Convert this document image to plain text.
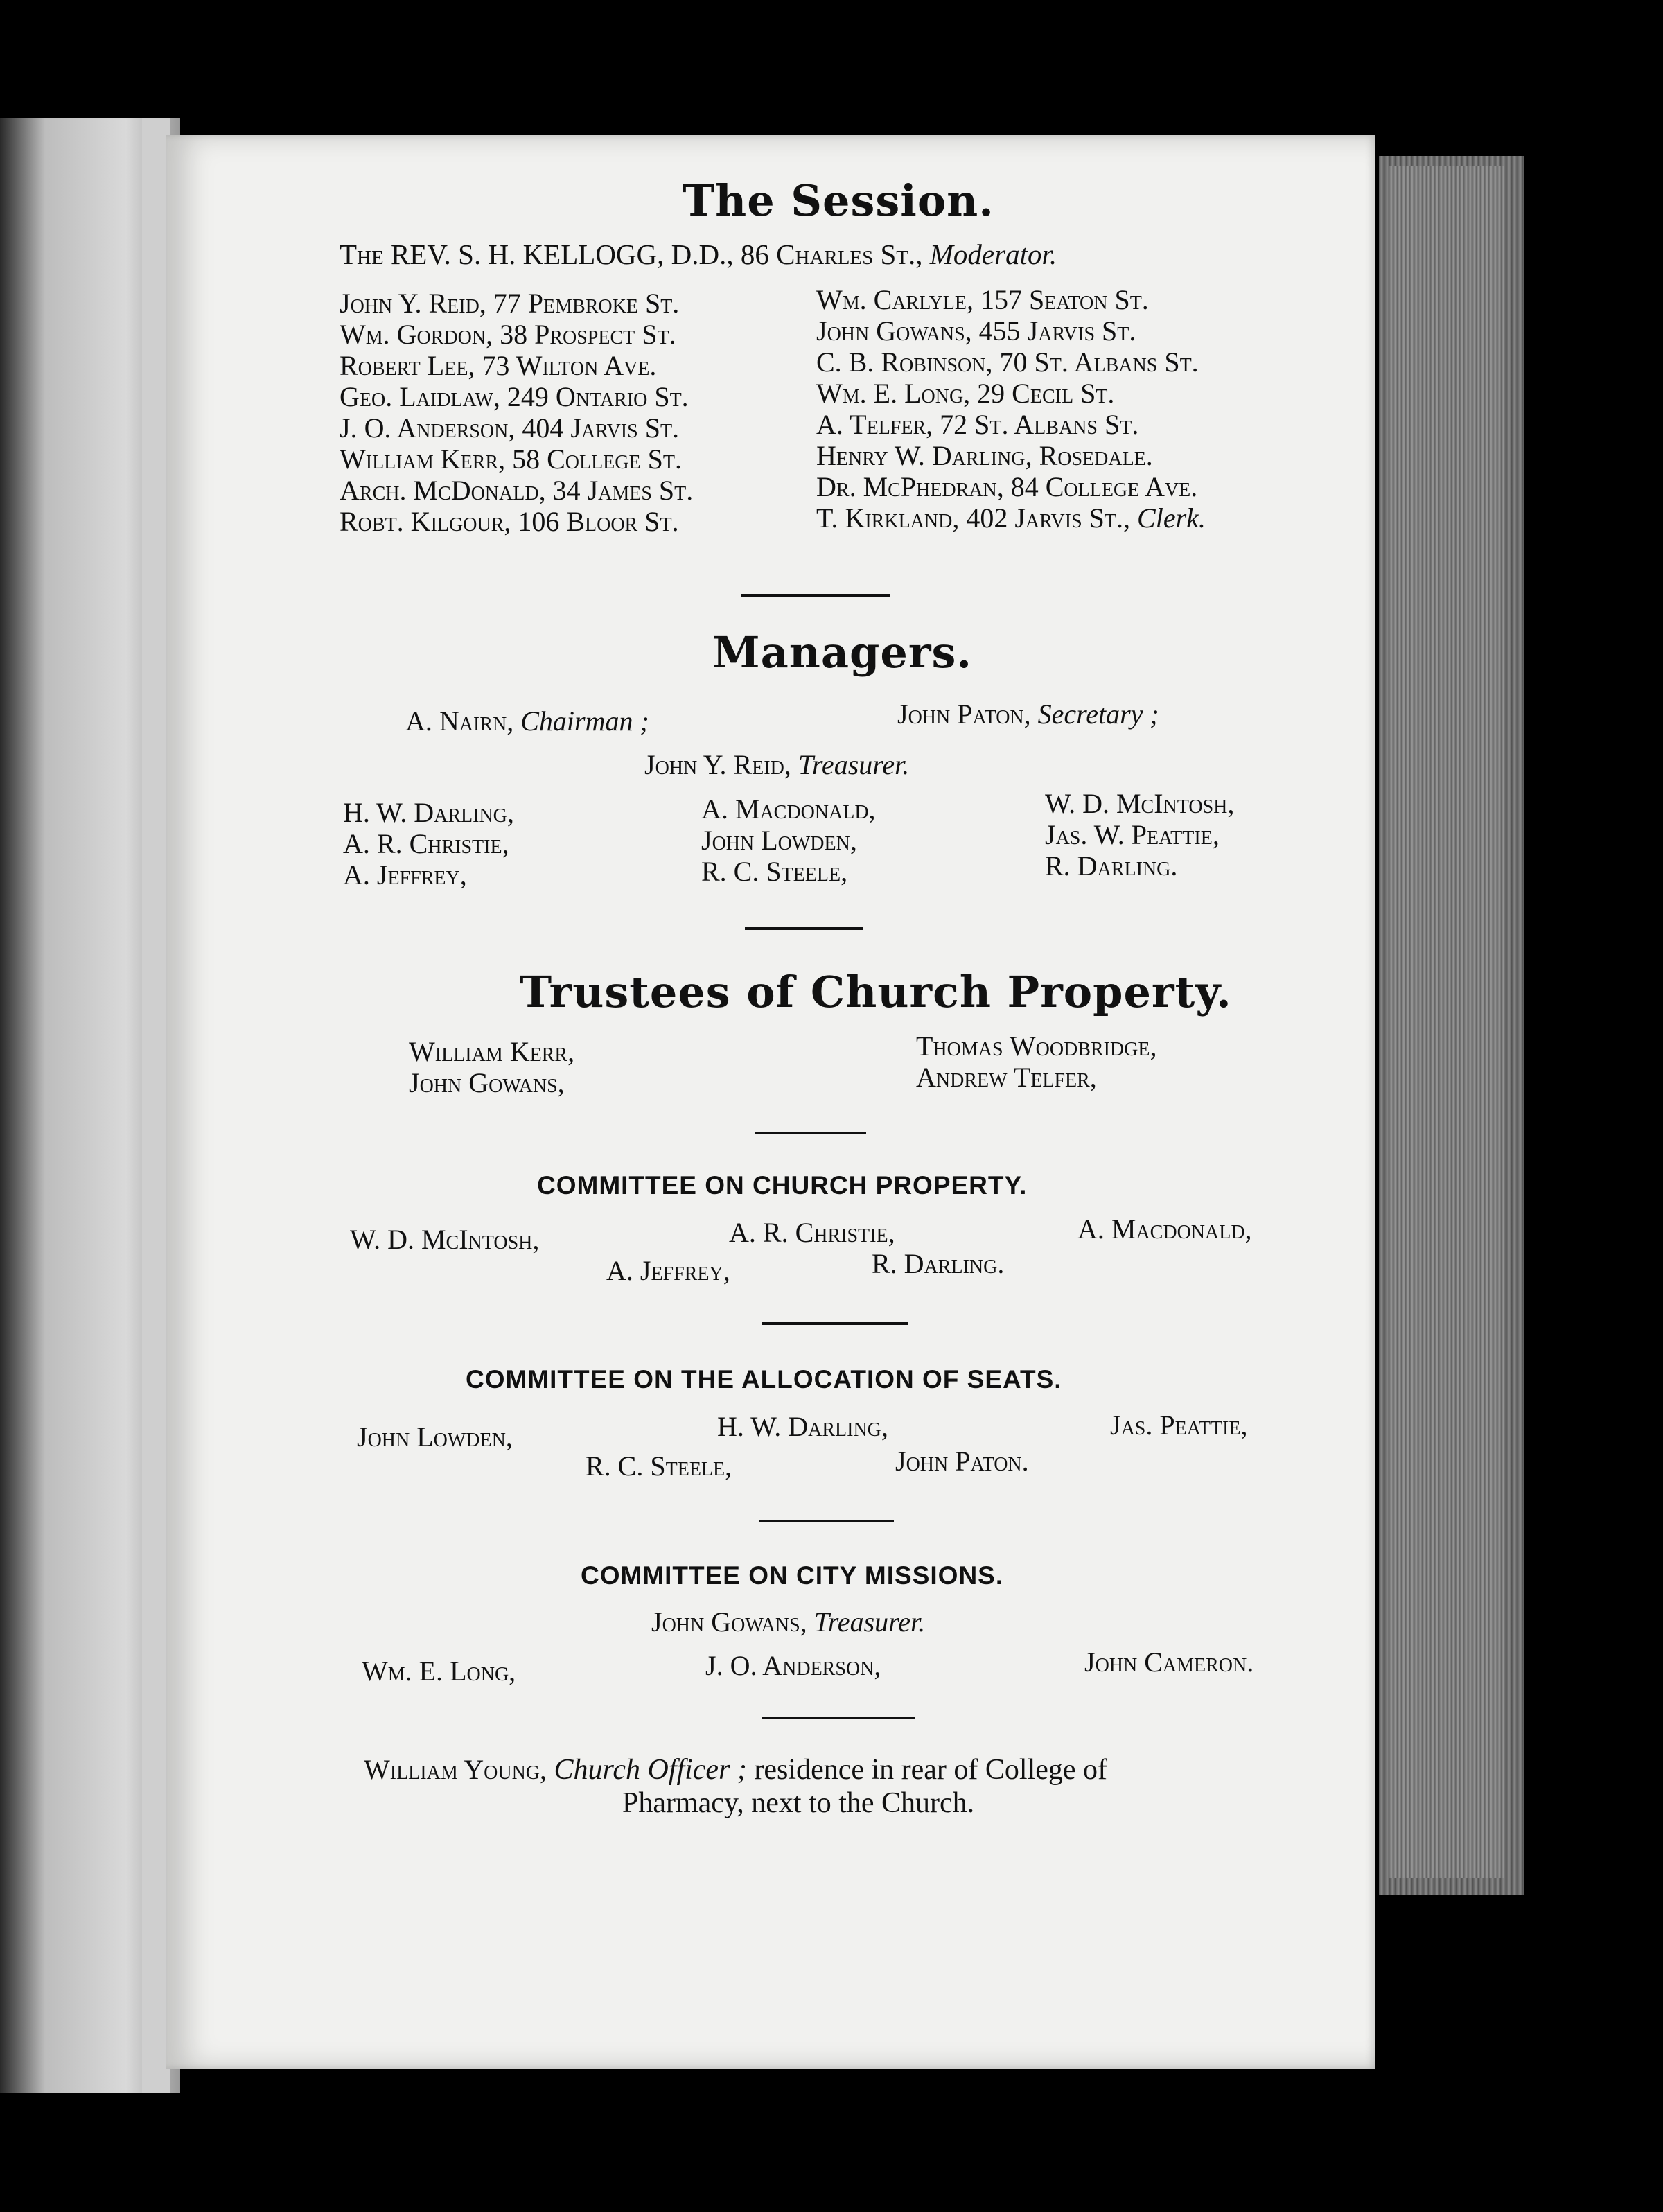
The Session.
The REV. S. H. KELLOGG, D.D., 86 Charles St., Moderator.
John Y. Reid, 77 Pembroke St.
Wm. Gordon, 38 Prospect St.
Robert Lee, 73 Wilton Ave.
Geo. Laidlaw, 249 Ontario St.
J. O. Anderson, 404 Jarvis St.
William Kerr, 58 College St.
Arch. McDonald, 34 James St.
Robt. Kilgour, 106 Bloor St.
Wm. Carlyle, 157 Seaton St.
John Gowans, 455 Jarvis St.
C. B. Robinson, 70 St. Albans St.
Wm. E. Long, 29 Cecil St.
A. Telfer, 72 St. Albans St.
Henry W. Darling, Rosedale.
Dr. McPhedran, 84 College Ave.
T. Kirkland, 402 Jarvis St., Clerk.
Managers.
A. Nairn, Chairman ;	John Paton, Secretary ;
John Y. Reid, Treasurer.
H. W. Darling,
A. R. Christie,
A. Jeffrey,
A. Macdonald,
John Lowden,
R. C. Steele,
W. D. McIntosh,
Jas. W. Peattie,
R. Darling.
Trustees of Church Property.
William Kerr,
John Gowans,
Thomas Woodbridge,
Andrew Telfer,
COMMITTEE ON CHURCH PROPERTY.
W. D. McIntosh,	A. R. Christie,	A. Macdonald,
A. Jeffrey,	R. Darling.
COMMITTEE ON THE ALLOCATION OF SEATS.
John Lowden,	H. W. Darling,	Jas. Peattie,
R. C. Steele,	John Paton.
COMMITTEE ON CITY MISSIONS.
John Gowans, Treasurer.
Wm. E. Long,	J. O. Anderson,	John Cameron.
William Young, Church Officer ; residence in rear of College of
Pharmacy, next to the Church.
